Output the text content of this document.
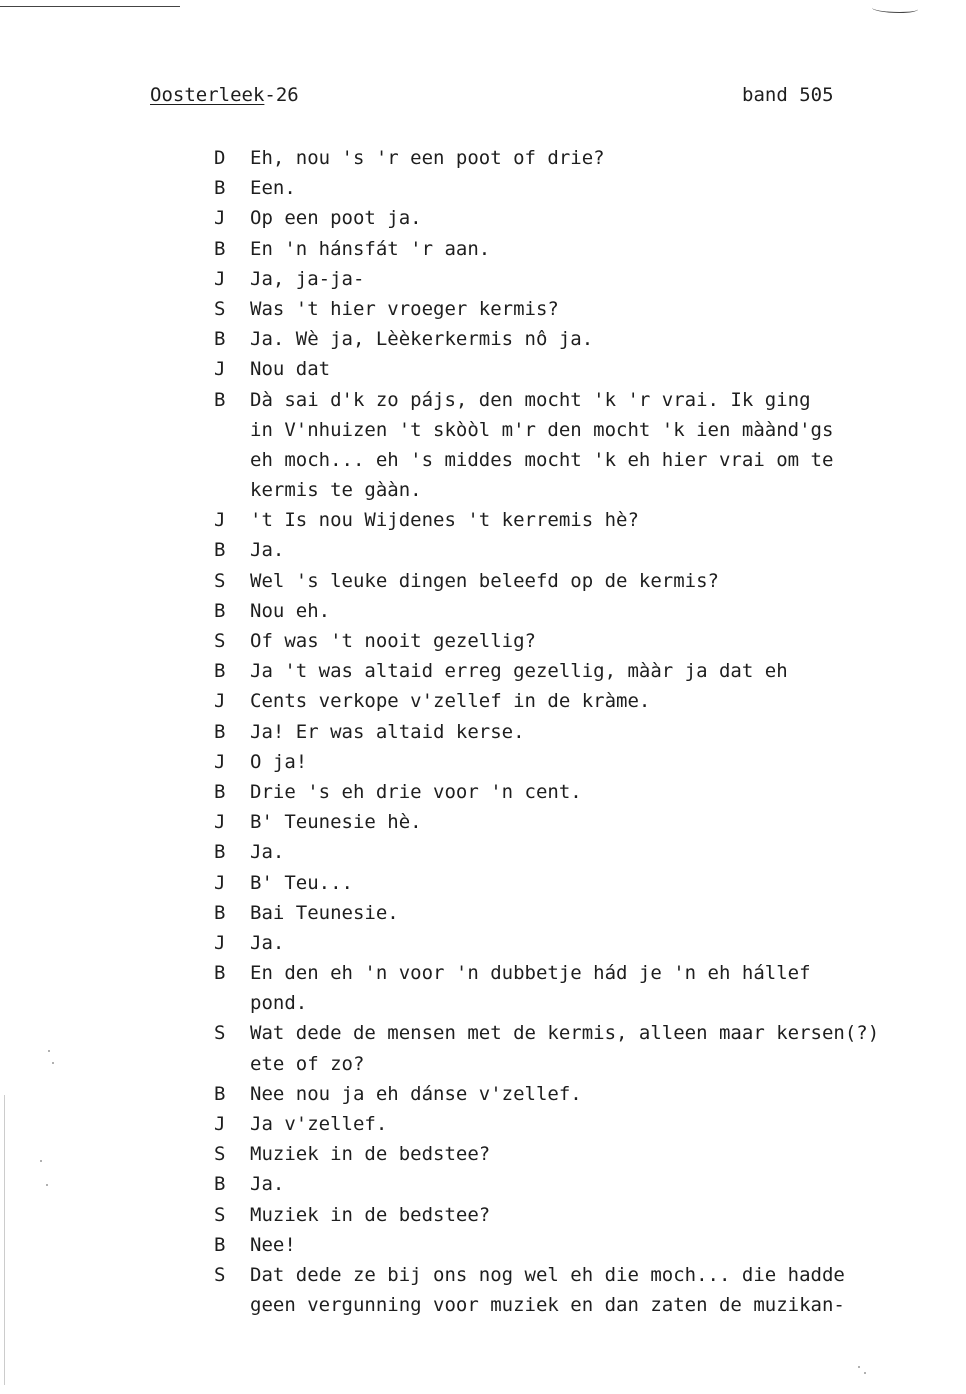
Oosterleek-26	band 505
D	Eh, nou 's 'r een poot of drie?
B	Een.
J	Op een poot ja.
B	En 'n hánsfát 'r aan.
J	Ja, ja-ja-
S	Was 't hier vroeger kermis?
B	Ja. Wè ja, Lèèkerkermis nô ja.
J	Nou dat
B	Dà sai d'k zo pájs, den mocht 'k 'r vrai. Ik ging
in V'nhuizen 't skòòl m'r den mocht 'k ien màànd'gs
eh moch... eh 's middes mocht 'k eh hier vrai om te
kermis te gààn.
J	't Is nou Wijdenes 't kerremis hè?
B	Ja.
S	Wel 's leuke dingen beleefd op de kermis?
B	Nou eh.
S	Of was 't nooit gezellig?
B	Ja 't was altaid erreg gezellig, mààr ja dat eh
J	Cents verkope v'zellef in de kràme.
B	Ja! Er was altaid kerse.
J	O ja!
B	Drie 's eh drie voor 'n cent.
J	B' Teunesie hè.
B	Ja.
J	B' Teu...
B	Bai Teunesie.
J	Ja.
B	En den eh 'n voor 'n dubbetje hád je 'n eh hállef
pond.
S	Wat dede de mensen met de kermis, alleen maar kersen(?)
ete of zo?
B	Nee nou ja eh dánse v'zellef.
J	Ja v'zellef.
S	Muziek in de bedstee?
B	Ja.
S	Muziek in de bedstee?
B	Nee!
S	Dat dede ze bij ons nog wel eh die moch... die hadde
geen vergunning voor muziek en dan zaten de muzikan-
